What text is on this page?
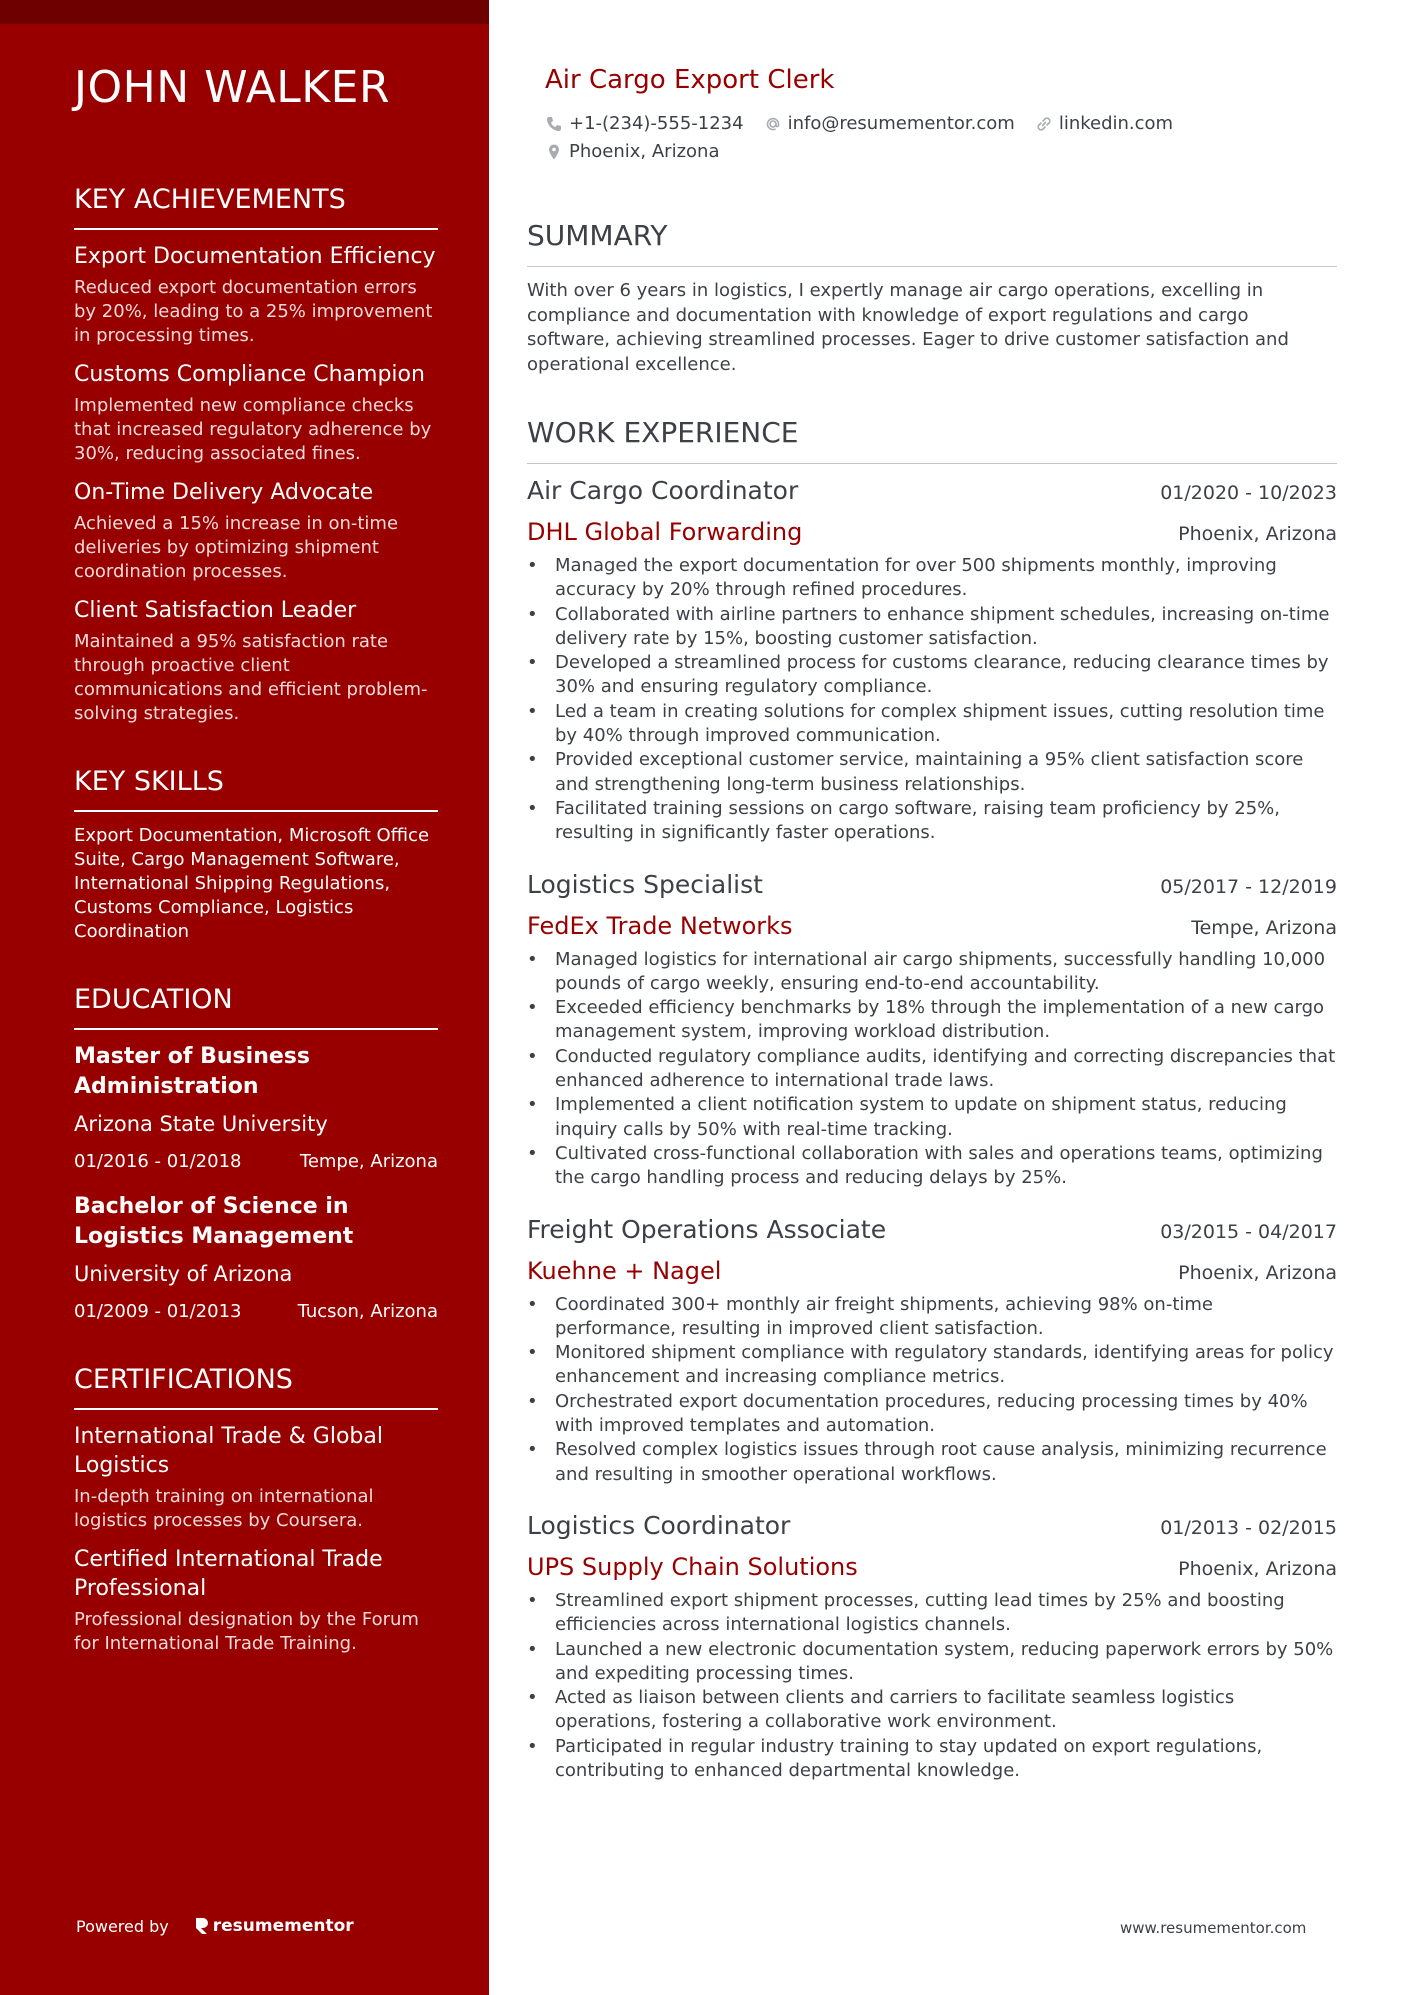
JOHN WALKER
KEY ACHIEVEMENTS
Export Documentation Efficiency
Reduced export documentation errors by 20%, leading to a 25% improvement in processing times.
Customs Compliance Champion
Implemented new compliance checks that increased regulatory adherence by 30%, reducing associated fines.
On-Time Delivery Advocate
Achieved a 15% increase in on-time deliveries by optimizing shipment coordination processes.
Client Satisfaction Leader
Maintained a 95% satisfaction rate through proactive client communications and efficient problem-solving strategies.
KEY SKILLS
Export Documentation, Microsoft Office Suite, Cargo Management Software, International Shipping Regulations, Customs Compliance, Logistics Coordination
EDUCATION
Master of Business Administration
Arizona State University
01/2016 - 01/2018	Tempe, Arizona
Bachelor of Science in Logistics Management
University of Arizona
01/2009 - 01/2013	Tucson, Arizona
CERTIFICATIONS
International Trade & Global Logistics
In-depth training on international logistics processes by Coursera.
Certified International Trade Professional
Professional designation by the Forum for International Trade Training.
Powered by	resumementor
Air Cargo Export Clerk
+1-(234)-555-1234 info@resumementor.com linkedin.com
Phoenix, Arizona
SUMMARY
With over 6 years in logistics, I expertly manage air cargo operations, excelling in compliance and documentation with knowledge of export regulations and cargo software, achieving streamlined processes. Eager to drive customer satisfaction and operational excellence.
WORK EXPERIENCE
Air Cargo Coordinator	01/2020 - 10/2023
DHL Global Forwarding	Phoenix, Arizona
• Managed the export documentation for over 500 shipments monthly, improving accuracy by 20% through refined procedures.
• Collaborated with airline partners to enhance shipment schedules, increasing on-time delivery rate by 15%, boosting customer satisfaction.
• Developed a streamlined process for customs clearance, reducing clearance times by 30% and ensuring regulatory compliance.
• Led a team in creating solutions for complex shipment issues, cutting resolution time by 40% through improved communication.
• Provided exceptional customer service, maintaining a 95% client satisfaction score and strengthening long-term business relationships.
• Facilitated training sessions on cargo software, raising team proficiency by 25%, resulting in significantly faster operations.
Logistics Specialist	05/2017 - 12/2019
FedEx Trade Networks	Tempe, Arizona
• Managed logistics for international air cargo shipments, successfully handling 10,000 pounds of cargo weekly, ensuring end-to-end accountability.
• Exceeded efficiency benchmarks by 18% through the implementation of a new cargo management system, improving workload distribution.
• Conducted regulatory compliance audits, identifying and correcting discrepancies that enhanced adherence to international trade laws.
• Implemented a client notification system to update on shipment status, reducing inquiry calls by 50% with real-time tracking.
• Cultivated cross-functional collaboration with sales and operations teams, optimizing the cargo handling process and reducing delays by 25%.
Freight Operations Associate	03/2015 - 04/2017
Kuehne + Nagel	Phoenix, Arizona
• Coordinated 300+ monthly air freight shipments, achieving 98% on-time performance, resulting in improved client satisfaction.
• Monitored shipment compliance with regulatory standards, identifying areas for policy enhancement and increasing compliance metrics.
• Orchestrated export documentation procedures, reducing processing times by 40% with improved templates and automation.
• Resolved complex logistics issues through root cause analysis, minimizing recurrence and resulting in smoother operational workflows.
Logistics Coordinator	01/2013 - 02/2015
UPS Supply Chain Solutions	Phoenix, Arizona
• Streamlined export shipment processes, cutting lead times by 25% and boosting efficiencies across international logistics channels.
• Launched a new electronic documentation system, reducing paperwork errors by 50% and expediting processing times.
• Acted as liaison between clients and carriers to facilitate seamless logistics operations, fostering a collaborative work environment.
• Participated in regular industry training to stay updated on export regulations, contributing to enhanced departmental knowledge.
www.resumementor.com
